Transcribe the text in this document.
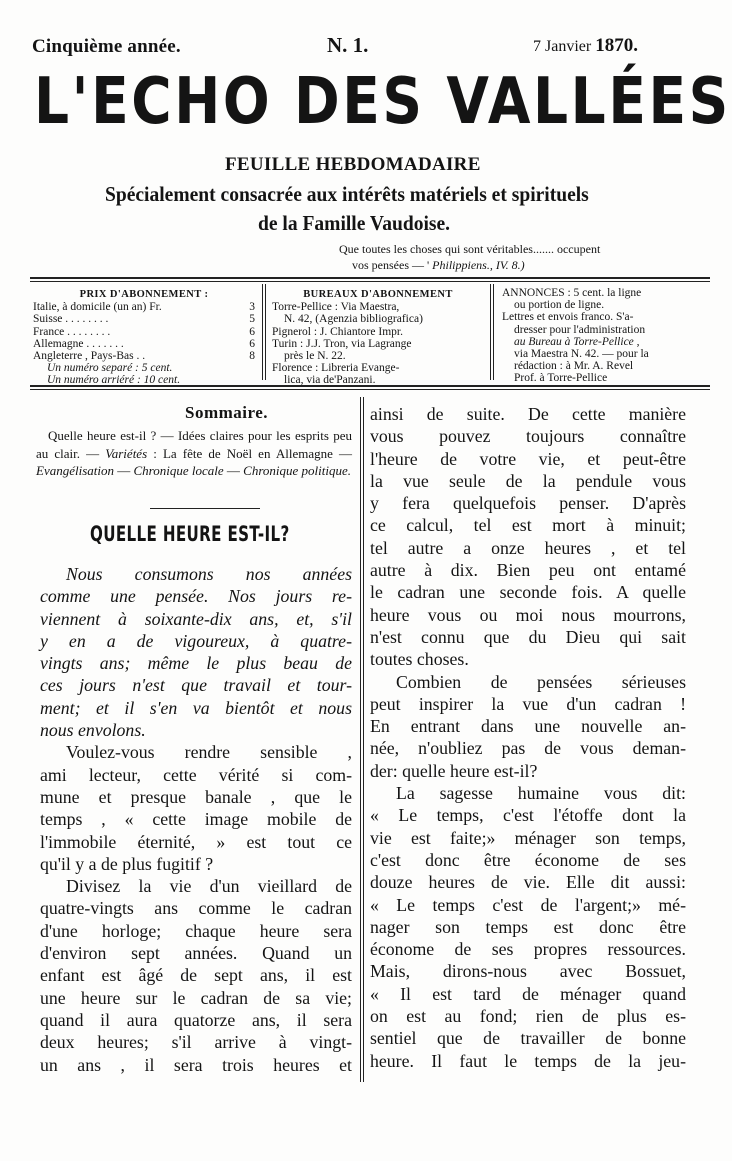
Cinquième année.	N. 1.	7 Janvier 1870.
L'ECHO DES VALLÉES
FEUILLE HEBDOMADAIRE
Spécialement consacrée aux intérêts matériels et spirituels
de la Famille Vaudoise.
Que toutes les choses qui sont véritables....... occupent
vos pensées — ' Philippiens., IV. 8.)
PRIX D'ABONNEMENT :
Italie, à domicile (un an) Fr.	3
Suisse . . . . . . . .	5
France . . . . . . . .	6
Allemagne . . . . . . .	6
Angleterre , Pays-Bas . .	8
Un numéro separé : 5 cent.
Un numéro arriéré : 10 cent.
BUREAUX D'ABONNEMENT
Torre-Pellice : Via Maestra,
N. 42, (Agenzia bibliografica)
Pignerol : J. Chiantore Impr.
Turin : J.J. Tron, via Lagrange
près le N. 22.
Florence : Libreria Evange-
lica, via de'Panzani.
ANNONCES : 5 cent. la ligne
ou portion de ligne.
Lettres et envois franco. S'a-
dresser pour l'administration
au Bureau à Torre-Pellice ,
via Maestra N. 42. — pour la
rédaction : à Mr. A. Revel
Prof. à Torre-Pellice
Sommaire.
Quelle heure est-il ? — Idées claires pour les esprits peu au clair. — Variétés : La fête de Noël en Allemagne — Evangélisation — Chronique locale — Chronique politique.
QUELLE HEURE EST-IL?
Nous consumons nos années
comme une pensée. Nos jours re-
viennent à soixante-dix ans, et, s'il
y en a de vigoureux, à quatre-
vingts ans; même le plus beau de
ces jours n'est que travail et tour-
ment; et il s'en va bientôt et nous
nous envolons.
Voulez-vous rendre sensible ,
ami lecteur, cette vérité si com-
mune et presque banale , que le
temps , « cette image mobile de
l'immobile éternité, » est tout ce
qu'il y a de plus fugitif ?
Divisez la vie d'un vieillard de
quatre-vingts ans comme le cadran
d'une horloge; chaque heure sera
d'environ sept années. Quand un
enfant est âgé de sept ans, il est
une heure sur le cadran de sa vie;
quand il aura quatorze ans, il sera
deux heures; s'il arrive à vingt-
un ans , il sera trois heures et
ainsi de suite. De cette manière
vous pouvez toujours connaître
l'heure de votre vie, et peut-être
la vue seule de la pendule vous
y fera quelquefois penser. D'après
ce calcul, tel est mort à minuit;
tel autre a onze heures , et tel
autre à dix. Bien peu ont entamé
le cadran une seconde fois. A quelle
heure vous ou moi nous mourrons,
n'est connu que du Dieu qui sait
toutes choses.
Combien de pensées sérieuses
peut inspirer la vue d'un cadran !
En entrant dans une nouvelle an-
née, n'oubliez pas de vous deman-
der: quelle heure est-il?
La sagesse humaine vous dit:
« Le temps, c'est l'étoffe dont la
vie est faite;» ménager son temps,
c'est donc être économe de ses
douze heures de vie. Elle dit aussi:
« Le temps c'est de l'argent;» mé-
nager son temps est donc être
économe de ses propres ressources.
Mais, dirons-nous avec Bossuet,
« Il est tard de ménager quand
on est au fond; rien de plus es-
sentiel que de travailler de bonne
heure. Il faut le temps de la jeu-
